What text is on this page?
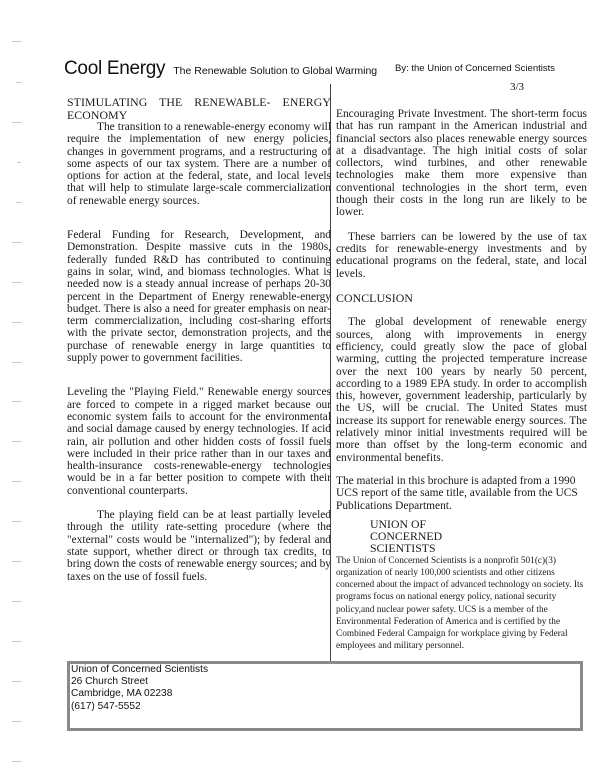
Cool Energy The Renewable Solution to Global Warming	By: the Union of Concerned Scientists
3/3
STIMULATING THE RENEWABLE- ENERGY ECONOMY

The transition to a renewable-energy economy will require the implementation of new energy policies, changes in government programs, and a restructuring of some aspects of our tax system. There are a number of options for action at the federal, state, and local levels that will help to stimulate large-scale commercialization of renewable energy sources.

Federal Funding for Research, Development, and Demonstration. Despite massive cuts in the 1980s, federally funded R&D has contributed to continuing gains in solar, wind, and biomass technologies. What is needed now is a steady annual increase of perhaps 20-30 percent in the Department of Energy renewable-energy budget. There is also a need for greater emphasis on near-term commercialization, including cost-sharing efforts with the private sector, demonstration projects, and the purchase of renewable energy in large quantities to supply power to government facilities.

Leveling the "Playing Field." Renewable energy sources are forced to compete in a rigged market because our economic system fails to account for the environmental and social damage caused by energy technologies. If acid rain, air pollution and other hidden costs of fossil fuels were included in their price rather than in our taxes and health-insurance costs-renewable-energy technologies would be in a far better position to compete with their conventional counterparts.

The playing field can be at least partially leveled through the utility rate-setting procedure (where the "external" costs would be "internalized"); by federal and state support, whether direct or through tax credits, to bring down the costs of renewable energy sources; and by taxes on the use of fossil fuels.

Encouraging Private Investment. The short-term focus that has run rampant in the American industrial and financial sectors also places renewable energy sources at a disadvantage. The high initial costs of solar collectors, wind turbines, and other renewable technologies make them more expensive than conventional technologies in the short term, even though their costs in the long run are likely to be lower.

These barriers can be lowered by the use of tax credits for renewable-energy investments and by educational programs on the federal, state, and local levels.

CONCLUSION

The global development of renewable energy sources, along with improvements in energy efficiency, could greatly slow the pace of global warming, cutting the projected temperature increase over the next 100 years by nearly 50 percent, according to a 1989 EPA study. In order to accomplish this, however, government leadership, particularly by the US, will be crucial. The United States must increase its support for renewable energy sources. The relatively minor initial investments required will be more than offset by the long-term economic and environmental benefits.

The material in this brochure is adapted from a 1990 UCS report of the same title, available from the UCS Publications Department.

UNION OF
CONCERNED
SCIENTISTS
The Union of Concerned Scientists is a nonprofit 501(c)(3) organization of nearly 100,000 scientists and other citizens concerned about the impact of advanced technology on society. Its programs focus on national energy policy, national security policy,and nuclear power safety. UCS is a member of the Environmental Federation of America and is certified by the Combined Federal Campaign for workplace giving by Federal employees and military personnel.
Union of Concerned Scientists
26 Church Street
Cambridge, MA 02238
(617) 547-5552
